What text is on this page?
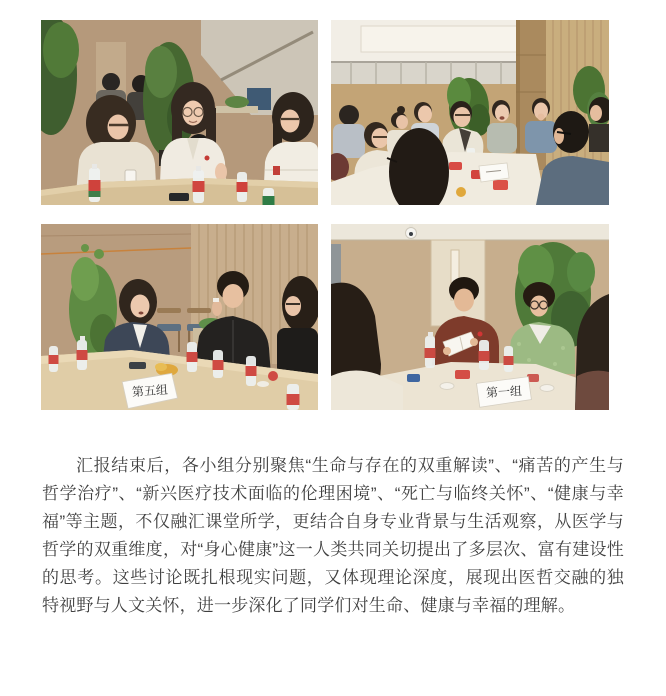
第五组	第一组

汇报结束后，各小组分别聚焦“生命与存在的双重解读”、“痛苦的产生与哲学治疗”、“新兴医疗技术面临的伦理困境”、“死亡与临终关怀”、“健康与幸福”等主题，不仅融汇课堂所学，更结合自身专业背景与生活观察，从医学与哲学的双重维度，对“身心健康”这一人类共同关切提出了多层次、富有建设性的思考。这些讨论既扎根现实问题，又体现理论深度，展现出医哲交融的独特视野与人文关怀，进一步深化了同学们对生命、健康与幸福的理解。
